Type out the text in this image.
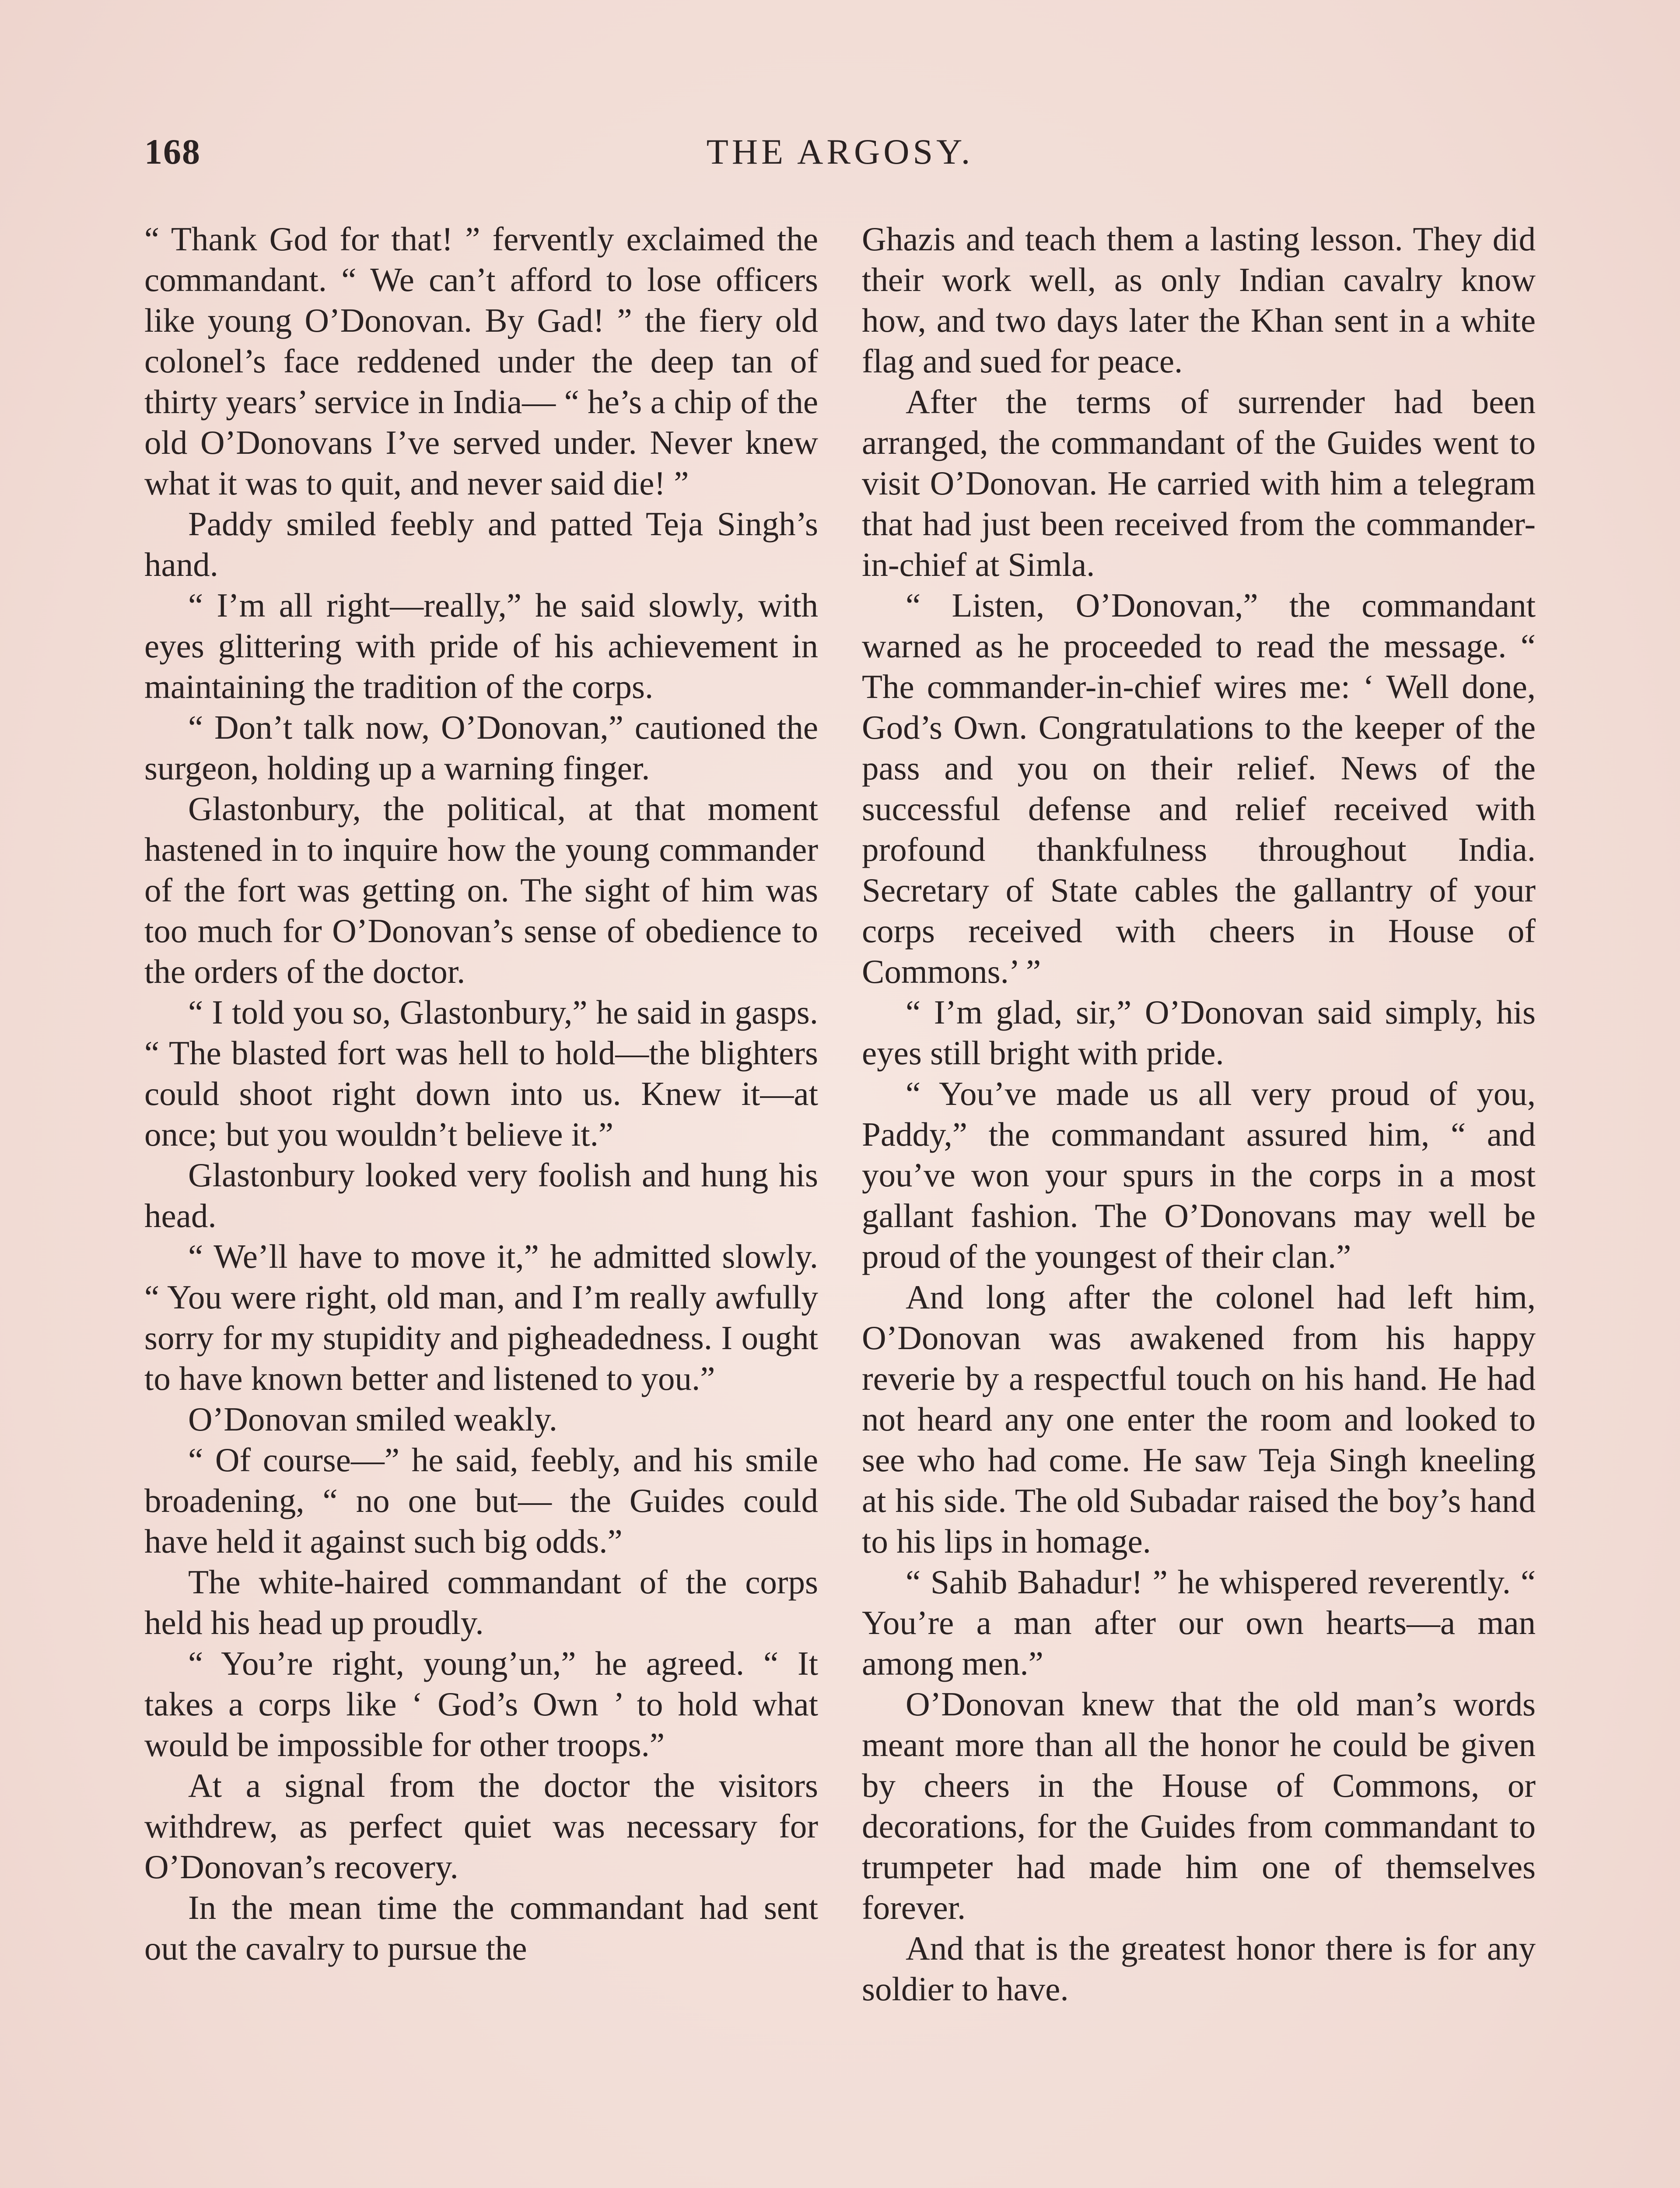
168	THE ARGOSY.

“ Thank God for that! ” fervently exclaimed the commandant. “ We can’t afford to lose officers like young O’Donovan. By Gad! ” the fiery old colonel’s face reddened under the deep tan of thirty years’ service in India— “ he’s a chip of the old O’Donovans I’ve served under. Never knew what it was to quit, and never said die! ”

Paddy smiled feebly and patted Teja Singh’s hand.

“ I’m all right—really,” he said slowly, with eyes glittering with pride of his achievement in maintaining the tradition of the corps.

“ Don’t talk now, O’Donovan,” cautioned the surgeon, holding up a warning finger.

Glastonbury, the political, at that moment hastened in to inquire how the young commander of the fort was getting on. The sight of him was too much for O’Donovan’s sense of obedience to the orders of the doctor.

“ I told you so, Glastonbury,” he said in gasps. “ The blasted fort was hell to hold—the blighters could shoot right down into us. Knew it—at once; but you wouldn’t believe it.”

Glastonbury looked very foolish and hung his head.

“ We’ll have to move it,” he admitted slowly. “ You were right, old man, and I’m really awfully sorry for my stupidity and pigheadedness. I ought to have known better and listened to you.”

O’Donovan smiled weakly.

“ Of course—” he said, feebly, and his smile broadening, “ no one but— the Guides could have held it against such big odds.”

The white-haired commandant of the corps held his head up proudly.

“ You’re right, young’un,” he agreed. “ It takes a corps like ‘ God’s Own ’ to hold what would be impossible for other troops.”

At a signal from the doctor the visitors withdrew, as perfect quiet was necessary for O’Donovan’s recovery.

In the mean time the commandant had sent out the cavalry to pursue the

Ghazis and teach them a lasting lesson. They did their work well, as only Indian cavalry know how, and two days later the Khan sent in a white flag and sued for peace.

After the terms of surrender had been arranged, the commandant of the Guides went to visit O’Donovan. He carried with him a telegram that had just been received from the commander-in-chief at Simla.

“ Listen, O’Donovan,” the commandant warned as he proceeded to read the message. “ The commander-in-chief wires me: ‘ Well done, God’s Own. Congratulations to the keeper of the pass and you on their relief. News of the successful defense and relief received with profound thankfulness throughout India. Secretary of State cables the gallantry of your corps received with cheers in House of Commons.’ ”

“ I’m glad, sir,” O’Donovan said simply, his eyes still bright with pride.

“ You’ve made us all very proud of you, Paddy,” the commandant assured him, “ and you’ve won your spurs in the corps in a most gallant fashion. The O’Donovans may well be proud of the youngest of their clan.”

And long after the colonel had left him, O’Donovan was awakened from his happy reverie by a respectful touch on his hand. He had not heard any one enter the room and looked to see who had come. He saw Teja Singh kneeling at his side. The old Subadar raised the boy’s hand to his lips in homage.

“ Sahib Bahadur! ” he whispered reverently. “ You’re a man after our own hearts—a man among men.”

O’Donovan knew that the old man’s words meant more than all the honor he could be given by cheers in the House of Commons, or decorations, for the Guides from commandant to trumpeter had made him one of themselves forever.

And that is the greatest honor there is for any soldier to have.
